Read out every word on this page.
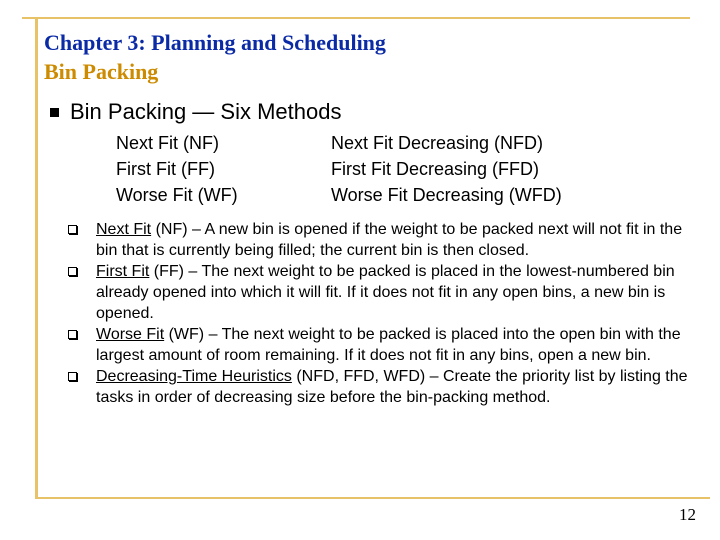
Chapter 3: Planning and Scheduling
Bin Packing
Bin Packing — Six Methods
Next Fit (NF)
First Fit (FF)
Worse Fit (WF)
Next Fit Decreasing (NFD)
First Fit Decreasing (FFD)
Worse Fit Decreasing (WFD)
Next Fit (NF) – A new bin is opened if the weight to be packed next will not fit in the bin that is currently being filled; the current bin is then closed.
First Fit (FF) – The next weight to be packed is placed in the lowest-numbered bin already opened into which it will fit. If it does not fit in any open bins, a new bin is opened.
Worse Fit (WF) – The next weight to be packed is placed into the open bin with the largest amount of room remaining. If it does not fit in any bins, open a new bin.
Decreasing-Time Heuristics (NFD, FFD, WFD) – Create the priority list by listing the tasks in order of decreasing size before the bin-packing method.
12
